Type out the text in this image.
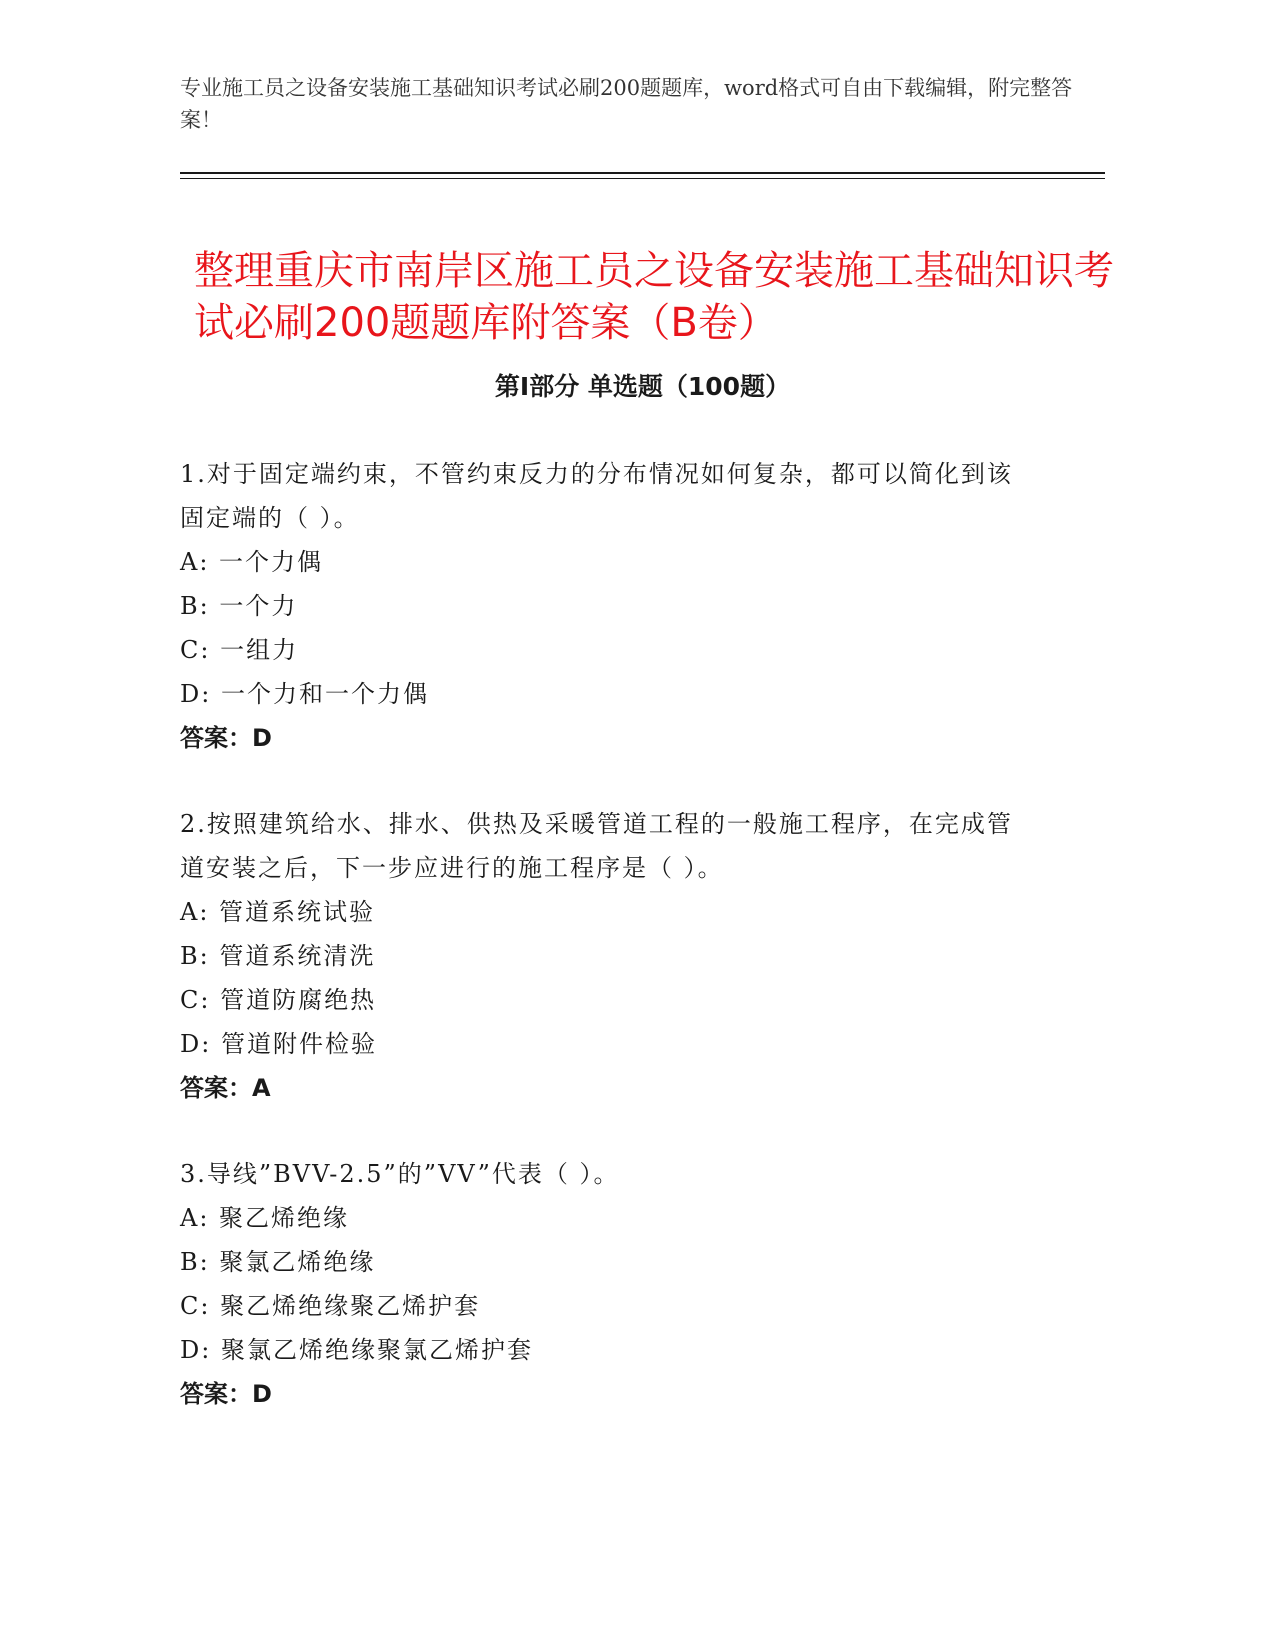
专业施工员之设备安装施工基础知识考试必刷200题题库，word格式可自由下载编辑，附完整答案！
整理重庆市南岸区施工员之设备安装施工基础知识考试必刷200题题库附答案（B卷）
第I部分 单选题（100题）
1.对于固定端约束，不管约束反力的分布情况如何复杂，都可以简化到该固定端的（ ）。
A: 一个力偶
B: 一个力
C: 一组力
D: 一个力和一个力偶
答案：D
2.按照建筑给水、排水、供热及采暖管道工程的一般施工程序，在完成管道安装之后，下一步应进行的施工程序是（ ）。
A: 管道系统试验
B: 管道系统清洗
C: 管道防腐绝热
D: 管道附件检验
答案：A
3.导线”BVV-2.5”的”VV”代表（ ）。
A: 聚乙烯绝缘
B: 聚氯乙烯绝缘
C: 聚乙烯绝缘聚乙烯护套
D: 聚氯乙烯绝缘聚氯乙烯护套
答案：D
